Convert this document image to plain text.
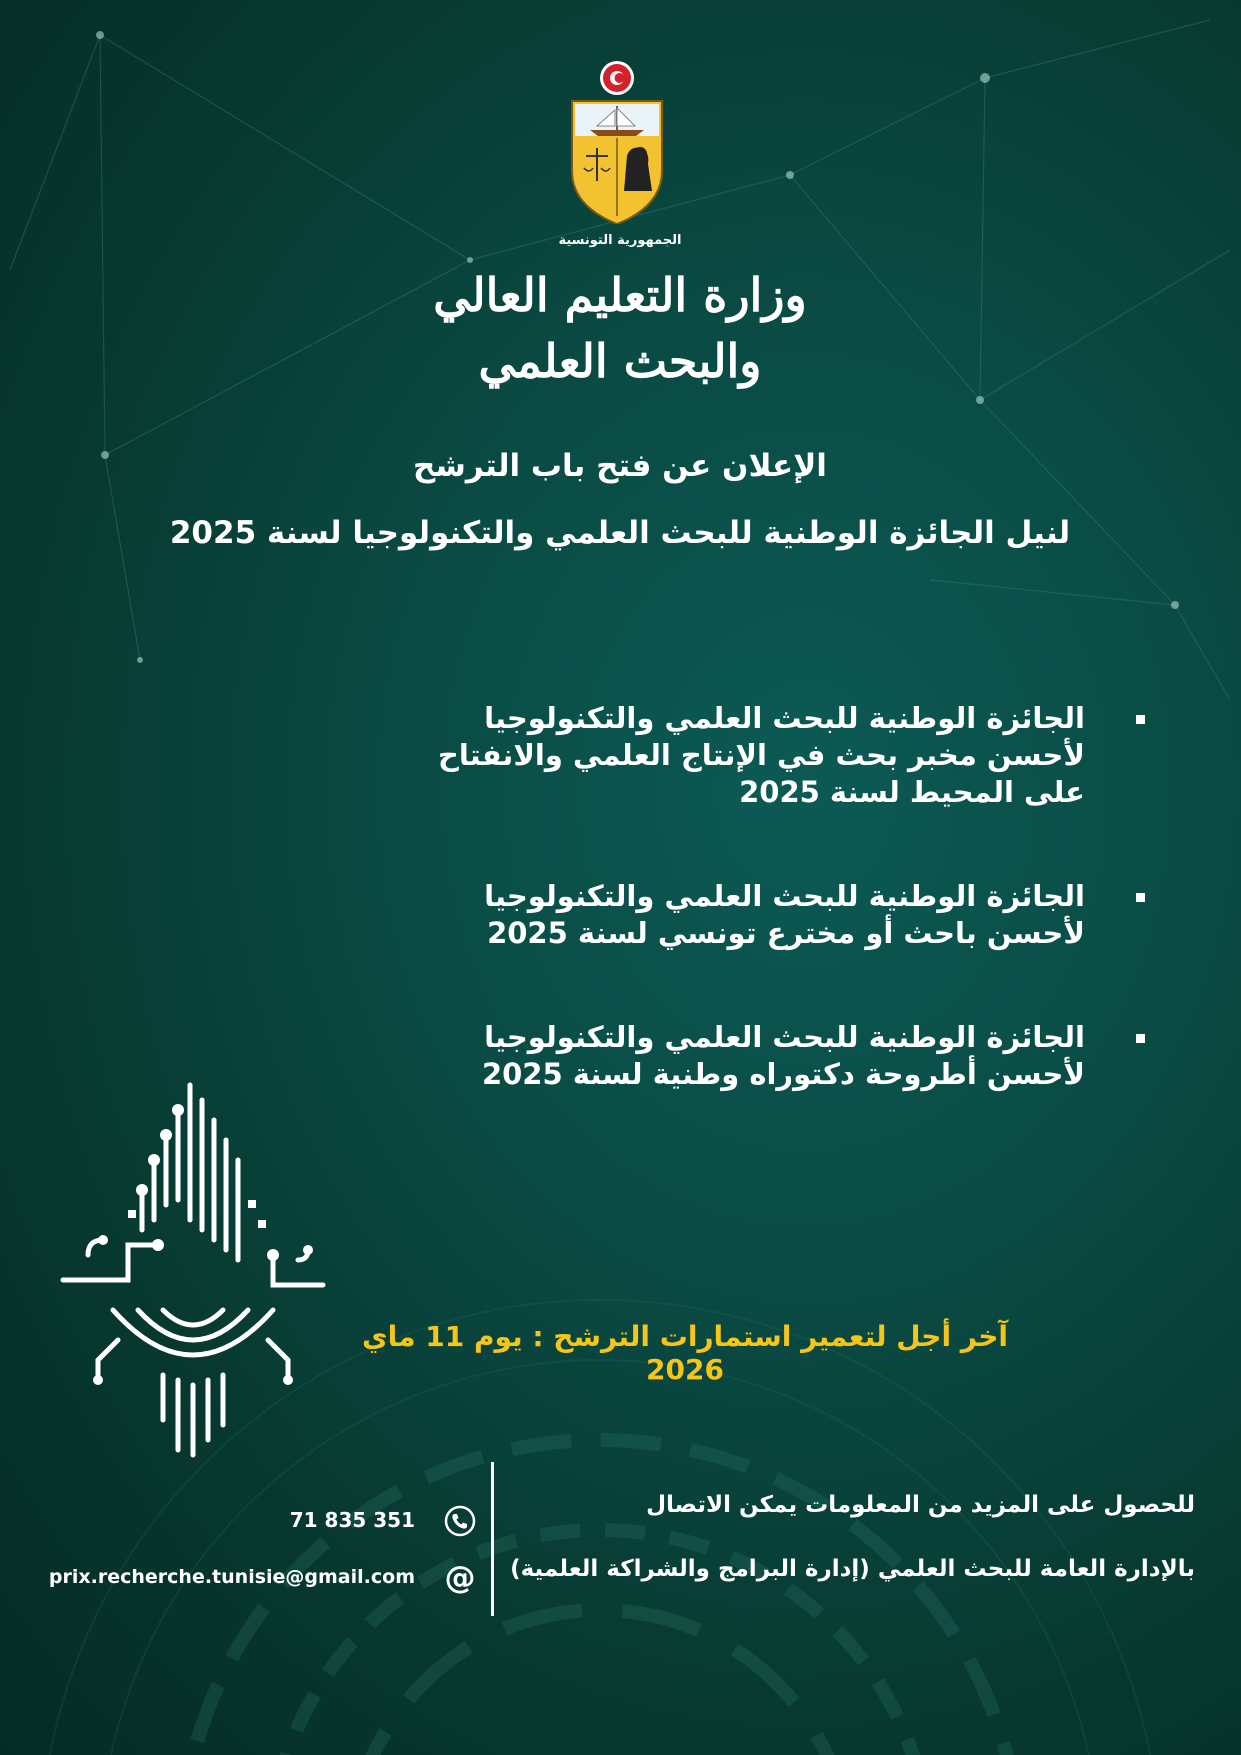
الجمهورية التونسية
وزارة التعليم العالي
والبحث العلمي
الإعلان عن فتح باب الترشح
لنيل الجائزة الوطنية للبحث العلمي والتكنولوجيا لسنة 2025
الجائزة الوطنية للبحث العلمي والتكنولوجيا لأحسن مخبر بحث في الإنتاج العلمي والانفتاح على المحيط لسنة 2025
الجائزة الوطنية للبحث العلمي والتكنولوجيا لأحسن باحث أو مخترع تونسي لسنة 2025
الجائزة الوطنية للبحث العلمي والتكنولوجيا لأحسن أطروحة دكتوراه وطنية لسنة 2025
آخر أجل لتعمير استمارات الترشح : يوم 11 ماي 2026
للحصول على المزيد من المعلومات يمكن الاتصال
بالإدارة العامة للبحث العلمي (إدارة البرامج والشراكة العلمية)
@
71 835 351
prix.recherche.tunisie@gmail.com
